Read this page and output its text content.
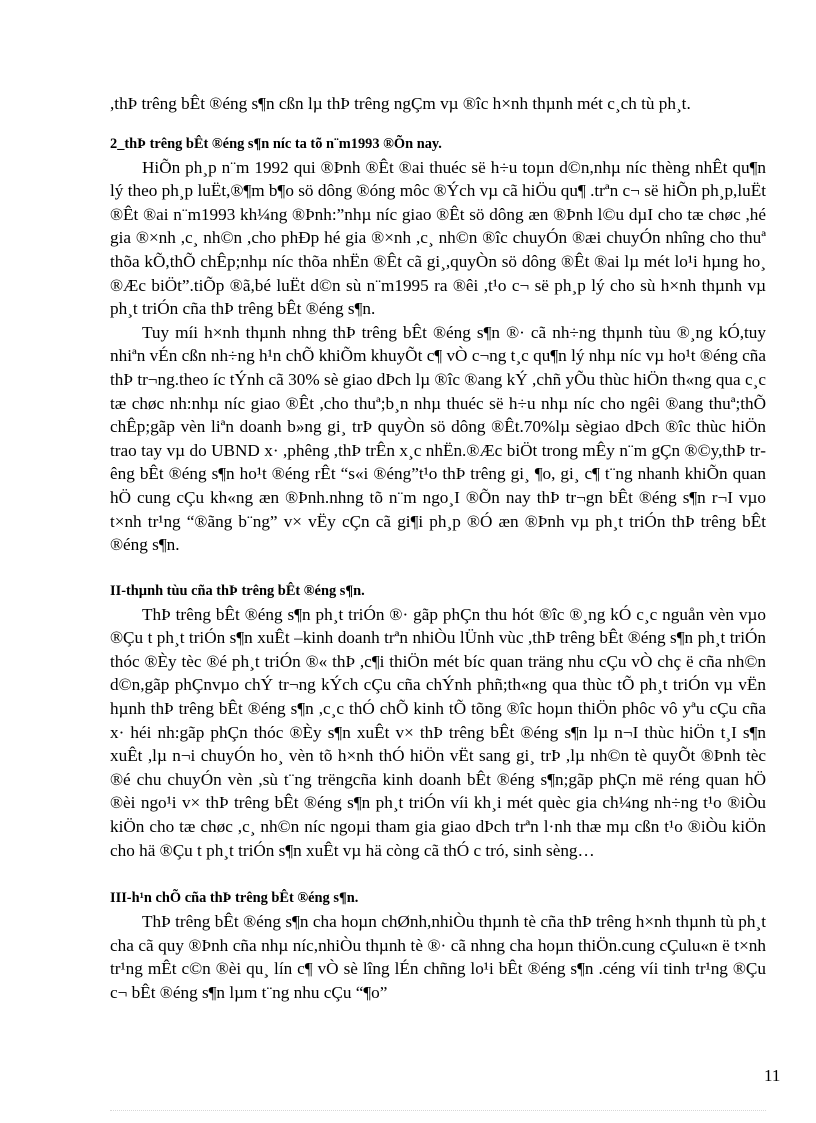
,thÞ trêng bÊt ®éng s¶n cßn lµ thÞ trêng ngÇm vµ ®îc h×nh thµnh mét c¸ch tù ph¸t.

2_thÞ trêng bÊt ®éng s¶n níc ta tõ n¨m1993 ®Õn nay.

HiÕn ph¸p n¨m 1992 qui ®Þnh ®Êt ®ai thuéc së h÷u toµn d©n,nhµ níc thèng nhÊt qu¶n lý theo ph¸p luËt,®¶m b¶o sö dông ®óng môc ®Ých vµ cã hiÖu qu¶ .trªn c¬ së hiÕn ph¸p,luËt ®Êt ®ai n¨m1993 kh¼ng ®Þnh:”nhµ níc giao ®Êt sö dông æn ®Þnh l©u dµI cho tæ chøc ,hé gia ®×nh ,c¸ nh©n ,cho phÐp hé gia ®×nh ,c¸ nh©n ®îc chuyÓn ®æi chuyÓn nhîng cho thuª thõa kÕ,thÕ chÊp;nhµ níc thõa nhËn ®Êt cã gi¸,quyÒn sö dông ®Êt ®ai lµ mét lo¹i hµng ho¸ ®Æc biÖt”.tiÕp ®ã,bé luËt d©n sù n¨m1995 ra ®êi ,t¹o c¬ së ph¸p lý cho sù h×nh thµnh vµ ph¸t triÓn cña thÞ trêng bÊt ®éng s¶n.

Tuy míi h×nh thµnh nhng thÞ trêng bÊt ®éng s¶n ®· cã nh÷ng thµnh tùu ®¸ng kÓ,tuy nhiªn vÉn cßn nh÷ng h¹n chÕ khiÕm khuyÕt c¶ vÒ c¬ng t¸c qu¶n lý nhµ níc vµ ho¹t ®éng cña thÞ tr¬ng.theo íc tÝnh cã 30% sè giao dÞch lµ ®îc ®ang kÝ ,chñ yÕu thùc hiÖn th«ng qua c¸c tæ chøc nh:nhµ níc giao ®Êt ,cho thuª;b¸n nhµ thuéc së h÷u nhµ níc cho ngêi ®ang thuª;thÕ chÊp;gãp vèn liªn doanh b»ng gi¸ trÞ quyÒn sö dông ®Êt.70%lµ sègiao dÞch ®îc thùc hiÖn trao tay vµ do UBND x· ,phêng ,thÞ trÊn x¸c nhËn.®Æc biÖt trong mÊy n¨m gÇn ®©y,thÞ trêng bÊt ®éng s¶n ho¹t ®éng rÊt “s«i ®éng”t¹o thÞ trêng gi¸ ¶o, gi¸ c¶ t¨ng nhanh khiÕn quan hÖ cung cÇu kh«ng æn ®Þnh.nhng tõ n¨m ngo¸I ®Õn nay thÞ tr¬gn bÊt ®éng s¶n r¬I vµo t×nh tr¹ng “®ãng b¨ng” v× vËy cÇn cã gi¶i ph¸p ®Ó æn ®Þnh vµ ph¸t triÓn thÞ trêng bÊt ®éng s¶n.

II-thµnh tùu cña thÞ trêng bÊt ®éng s¶n.

ThÞ trêng bÊt ®éng s¶n ph¸t triÓn ®· gãp phÇn thu hót ®îc ®¸ng kÓ c¸c nguån vèn vµo ®Çu t ph¸t triÓn s¶n xuÊt –kinh doanh trªn nhiÒu lÜnh vùc ,thÞ trêng bÊt ®éng s¶n ph¸t triÓn thóc ®Èy tèc ®é ph¸t triÓn ®« thÞ ,c¶i thiÖn mét bíc quan träng nhu cÇu vÒ chç ë cña nh©n d©n,gãp phÇnvµo chÝ tr¬ng kÝch cÇu cña chÝnh phñ;th«ng qua thùc tÕ ph¸t triÓn vµ vËn hµnh thÞ trêng bÊt ®éng s¶n ,c¸c thÓ chÕ kinh tÕ tõng ®îc hoµn thiÖn phôc vô yªu cÇu cña x· héi nh:gãp phÇn thóc ®Èy s¶n xuÊt v× thÞ trêng bÊt ®éng s¶n lµ n¬I thùc hiÖn t¸I s¶n xuÊt ,lµ n¬i chuyÓn ho¸ vèn tõ h×nh thÓ hiÖn vËt sang gi¸ trÞ ,lµ nh©n tè quyÕt ®Þnh tèc ®é chu chuyÓn vèn ,sù t¨ng trëngcña kinh doanh bÊt ®éng s¶n;gãp phÇn më réng quan hÖ ®èi ngo¹i v× thÞ trêng bÊt ®éng s¶n ph¸t triÓn víi kh¸i mét quèc gia ch¼ng nh÷ng t¹o ®iÒu kiÖn cho tæ chøc ,c¸ nh©n níc ngoµi tham gia giao dÞch trªn l·nh thæ mµ cßn t¹o ®iÒu kiÖn cho hä ®Çu t ph¸t triÓn s¶n xuÊt vµ hä còng cã thÓ c tró, sinh sèng…

III-h¹n chÕ cña thÞ trêng bÊt ®éng s¶n.

ThÞ trêng bÊt ®éng s¶n cha hoµn chØnh,nhiÒu thµnh tè cña thÞ trêng h×nh thµnh tù ph¸t cha cã quy ®Þnh cña nhµ níc,nhiÒu thµnh tè ®· cã nhng cha hoµn thiÖn.cung cÇulu«n ë t×nh tr¹ng mÊt c©n ®èi qu¸ lín c¶ vÒ sè lîng lÉn chñng lo¹i bÊt ®éng s¶n .céng víi tinh tr¹ng ®Çu c¬ bÊt ®éng s¶n lµm t¨ng nhu cÇu “¶o”

11
